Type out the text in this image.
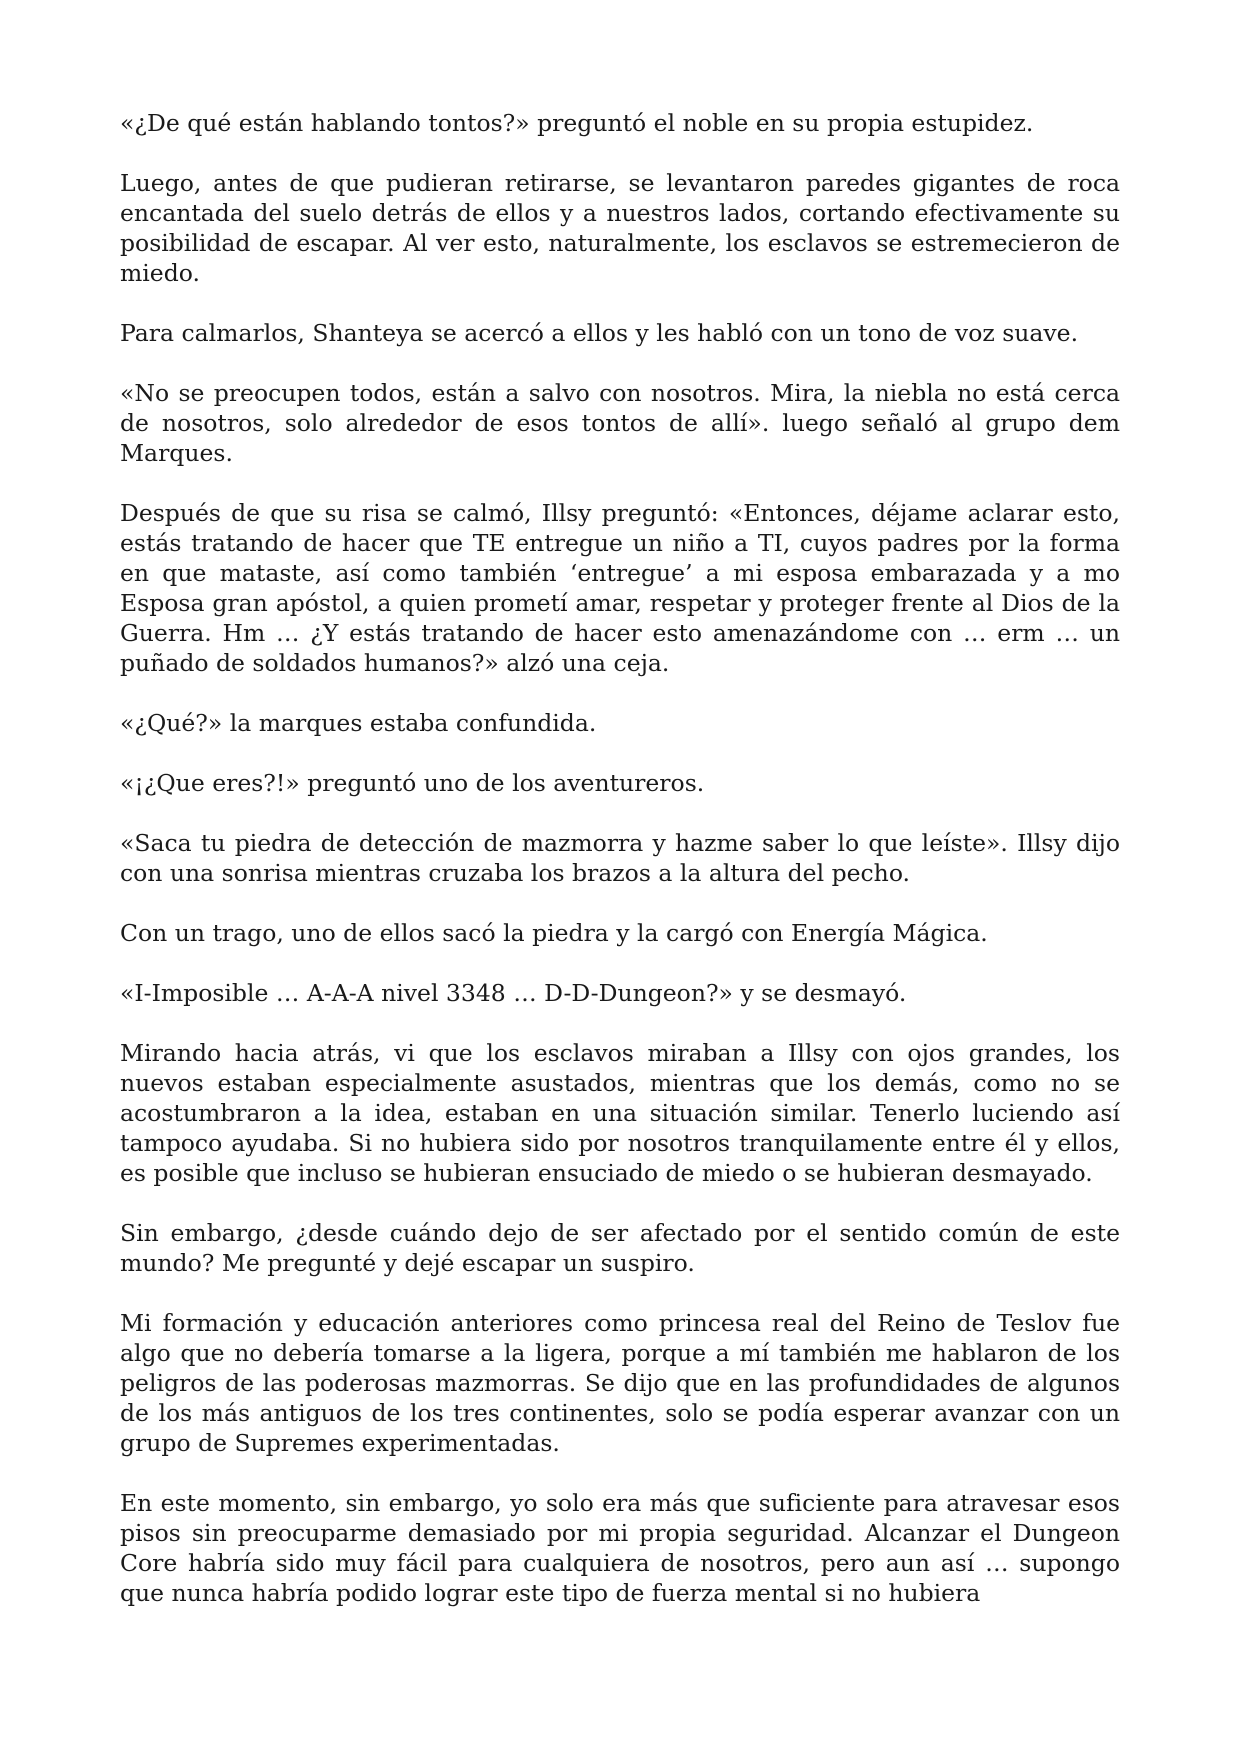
«¿De qué están hablando tontos?» preguntó el noble en su propia estupidez.

Luego, antes de que pudieran retirarse, se levantaron paredes gigantes de roca encantada del suelo detrás de ellos y a nuestros lados, cortando efectivamente su posibilidad de escapar. Al ver esto, naturalmente, los esclavos se estremecieron de miedo.

Para calmarlos, Shanteya se acercó a ellos y les habló con un tono de voz suave.

«No se preocupen todos, están a salvo con nosotros. Mira, la niebla no está cerca de nosotros, solo alrededor de esos tontos de allí». luego señaló al grupo dem Marques.

Después de que su risa se calmó, Illsy preguntó: «Entonces, déjame aclarar esto, estás tratando de hacer que TE entregue un niño a TI, cuyos padres por la forma en que mataste, así como también ‘entregue’ a mi esposa embarazada y a mo Esposa gran apóstol, a quien prometí amar, respetar y proteger frente al Dios de la Guerra. Hm … ¿Y estás tratando de hacer esto amenazándome con … erm … un puñado de soldados humanos?» alzó una ceja.

«¿Qué?» la marques estaba confundida.

«¡¿Que eres?!» preguntó uno de los aventureros.

«Saca tu piedra de detección de mazmorra y hazme saber lo que leíste». Illsy dijo con una sonrisa mientras cruzaba los brazos a la altura del pecho.

Con un trago, uno de ellos sacó la piedra y la cargó con Energía Mágica.

«I-Imposible … A-A-A nivel 3348 … D-D-Dungeon?» y se desmayó.

Mirando hacia atrás, vi que los esclavos miraban a Illsy con ojos grandes, los nuevos estaban especialmente asustados, mientras que los demás, como no se acostumbraron a la idea, estaban en una situación similar. Tenerlo luciendo así tampoco ayudaba. Si no hubiera sido por nosotros tranquilamente entre él y ellos, es posible que incluso se hubieran ensuciado de miedo o se hubieran desmayado.

Sin embargo, ¿desde cuándo dejo de ser afectado por el sentido común de este mundo? Me pregunté y dejé escapar un suspiro.

Mi formación y educación anteriores como princesa real del Reino de Teslov fue algo que no debería tomarse a la ligera, porque a mí también me hablaron de los peligros de las poderosas mazmorras. Se dijo que en las profundidades de algunos de los más antiguos de los tres continentes, solo se podía esperar avanzar con un grupo de Supremes experimentadas.

En este momento, sin embargo, yo solo era más que suficiente para atravesar esos pisos sin preocuparme demasiado por mi propia seguridad. Alcanzar el Dungeon Core habría sido muy fácil para cualquiera de nosotros, pero aun así … supongo que nunca habría podido lograr este tipo de fuerza mental si no hubiera
